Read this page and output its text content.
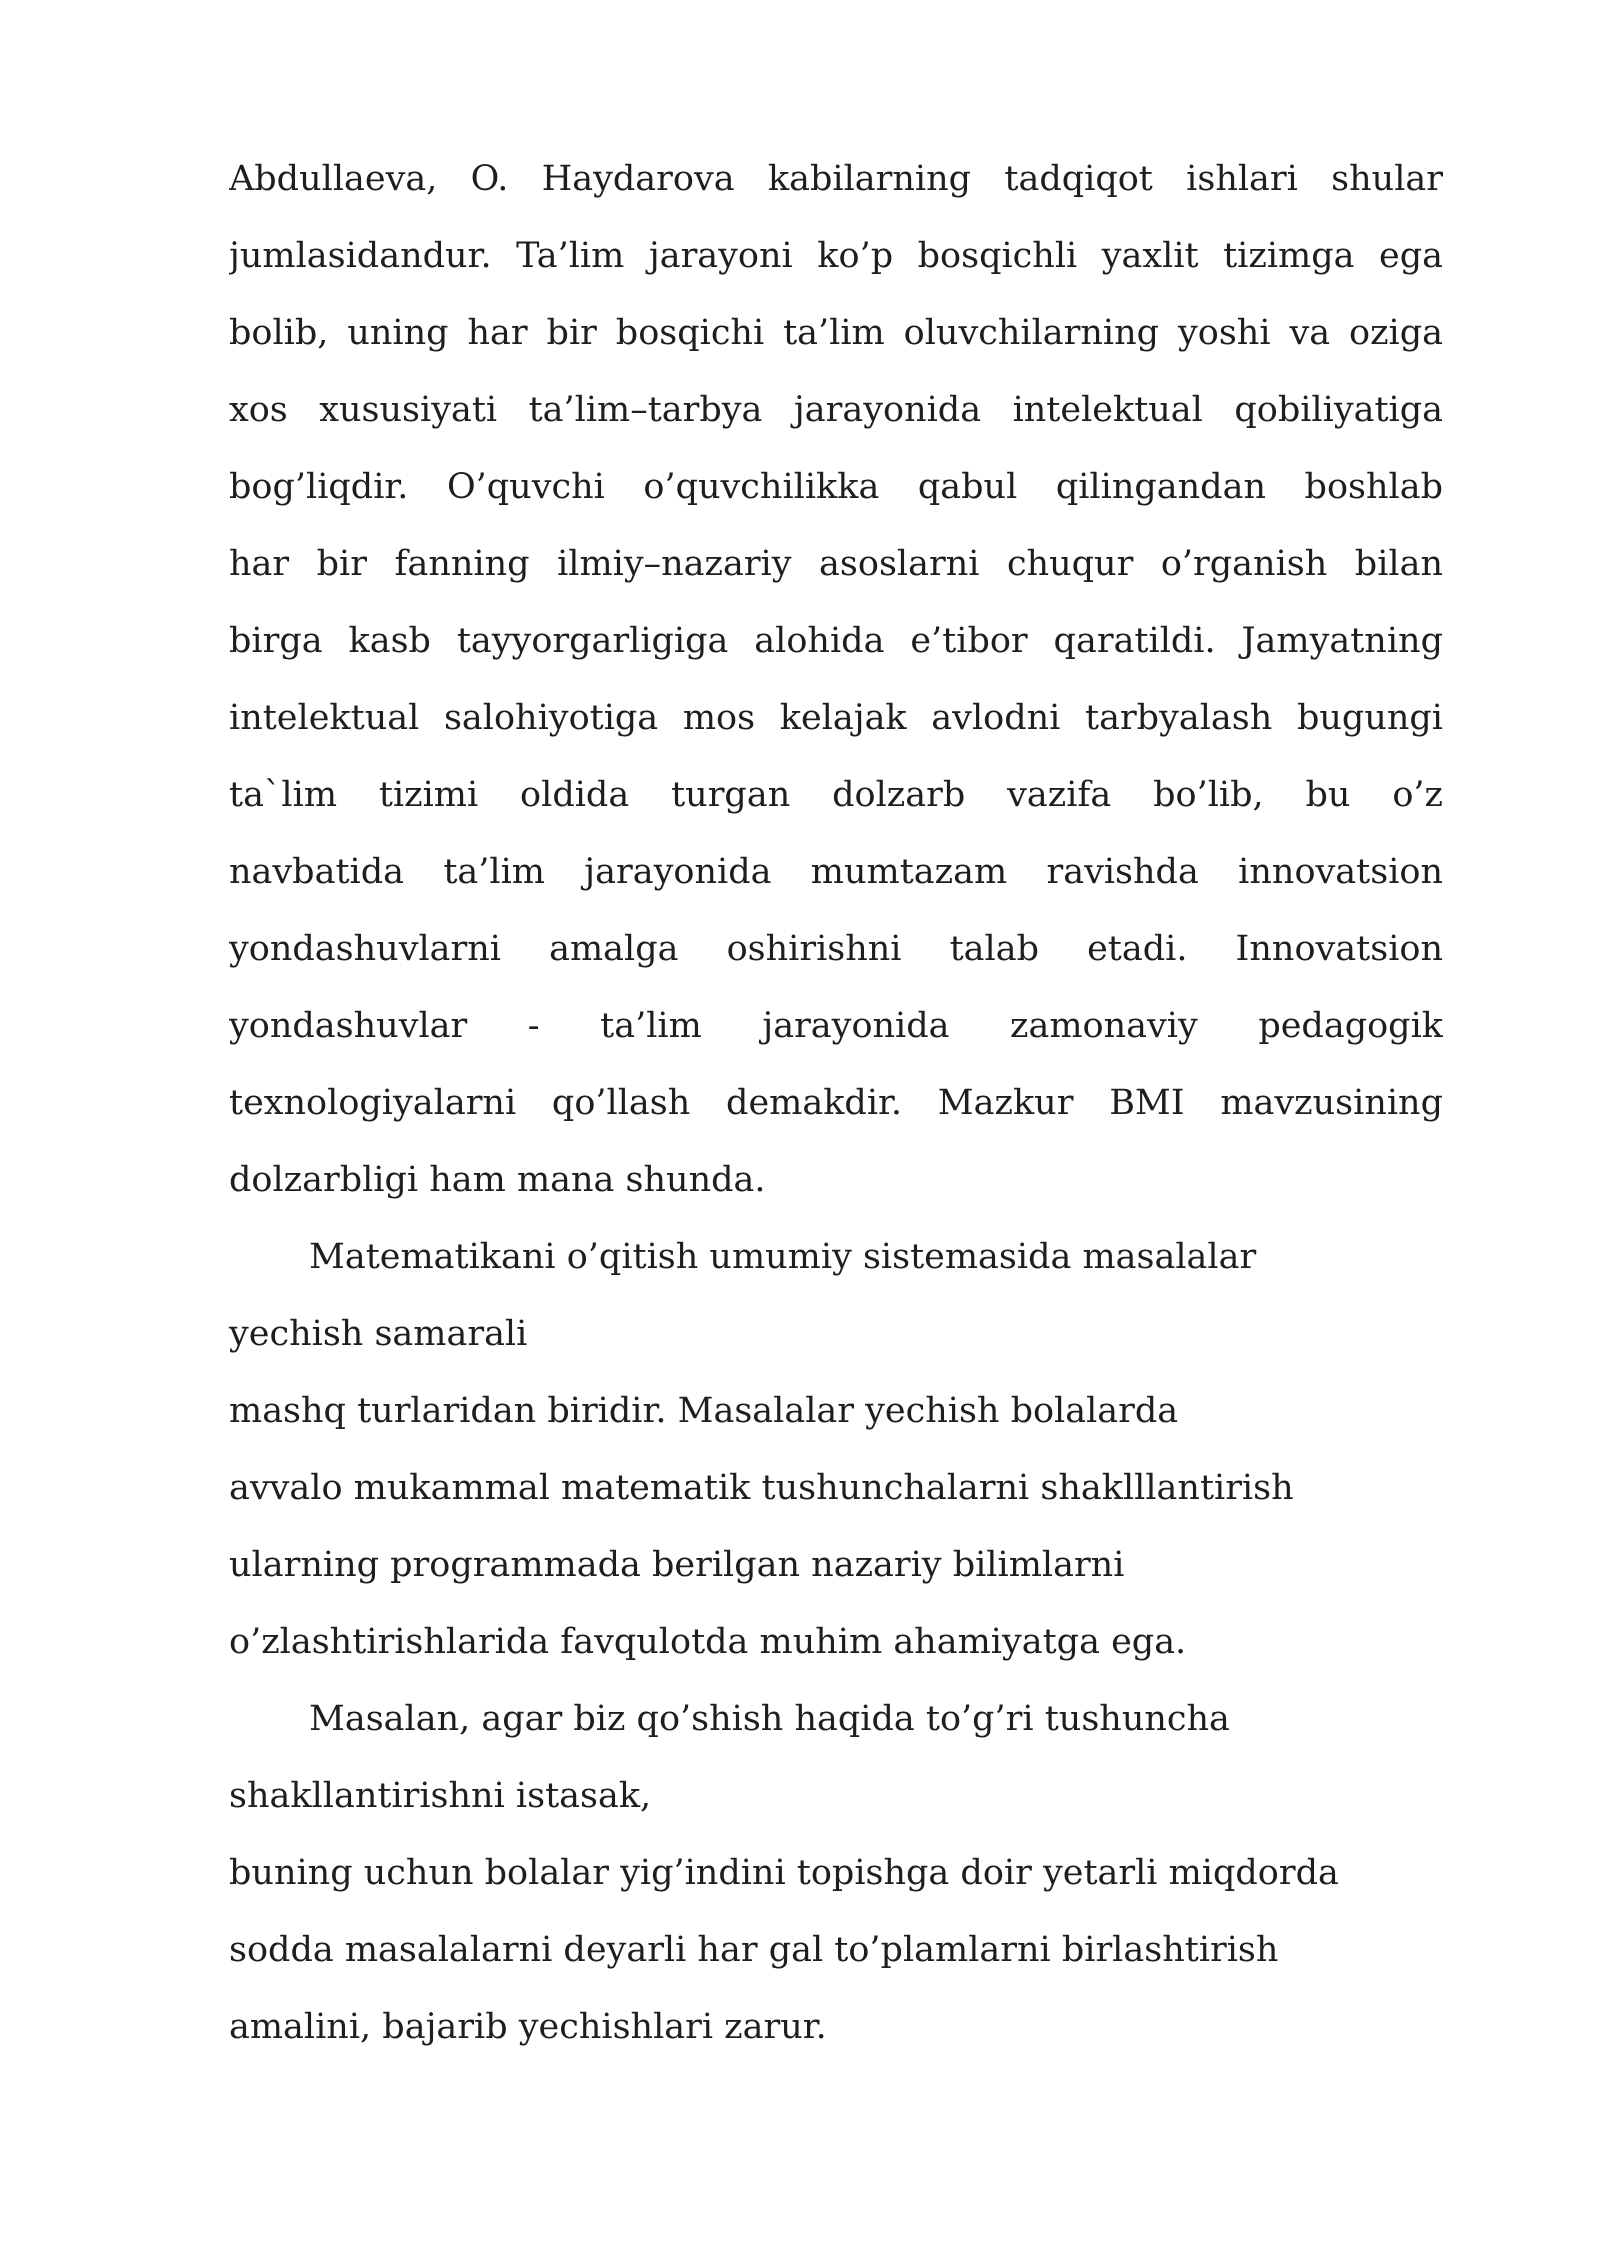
Abdullaeva, O. Haydarova kabilarning tadqiqot ishlari shular
jumlasidandur. Ta’lim jarayoni ko’p bosqichli yaxlit tizimga ega
bolib, uning har bir bosqichi ta’lim oluvchilarning yoshi va oziga
xos xususiyati ta’lim–tarbya jarayonida intelektual qobiliyatiga
bog’liqdir. O’quvchi o’quvchilikka qabul qilingandan boshlab
har bir fanning ilmiy–nazariy asoslarni chuqur o’rganish bilan
birga kasb tayyorgarligiga alohida e’tibor qaratildi. Jamyatning
intelektual salohiyotiga mos kelajak avlodni tarbyalash bugungi
ta`lim tizimi oldida turgan dolzarb vazifa bo’lib, bu o’z
navbatida ta’lim jarayonida mumtazam ravishda innovatsion
yondashuvlarni amalga oshirishni talab etadi. Innovatsion
yondashuvlar - ta’lim jarayonida zamonaviy pedagogik
texnologiyalarni qo’llash demakdir. Mazkur BMI mavzusining
dolzarbligi ham mana shunda.
Matematikani o’qitish umumiy sistemasida masalalar
yechish samarali
mashq turlaridan biridir. Masalalar yechish bolalarda
avvalo mukammal matematik tushunchalarni shaklllantirish
ularning programmada berilgan nazariy bilimlarni
o’zlashtirishlarida favqulotda muhim ahamiyatga ega.
Masalan, agar biz qo’shish haqida to’g’ri tushuncha
shakllantirishni istasak,
buning uchun bolalar yig’indini topishga doir yetarli miqdorda
sodda masalalarni deyarli har gal to’plamlarni birlashtirish
amalini, bajarib yechishlari zarur.
